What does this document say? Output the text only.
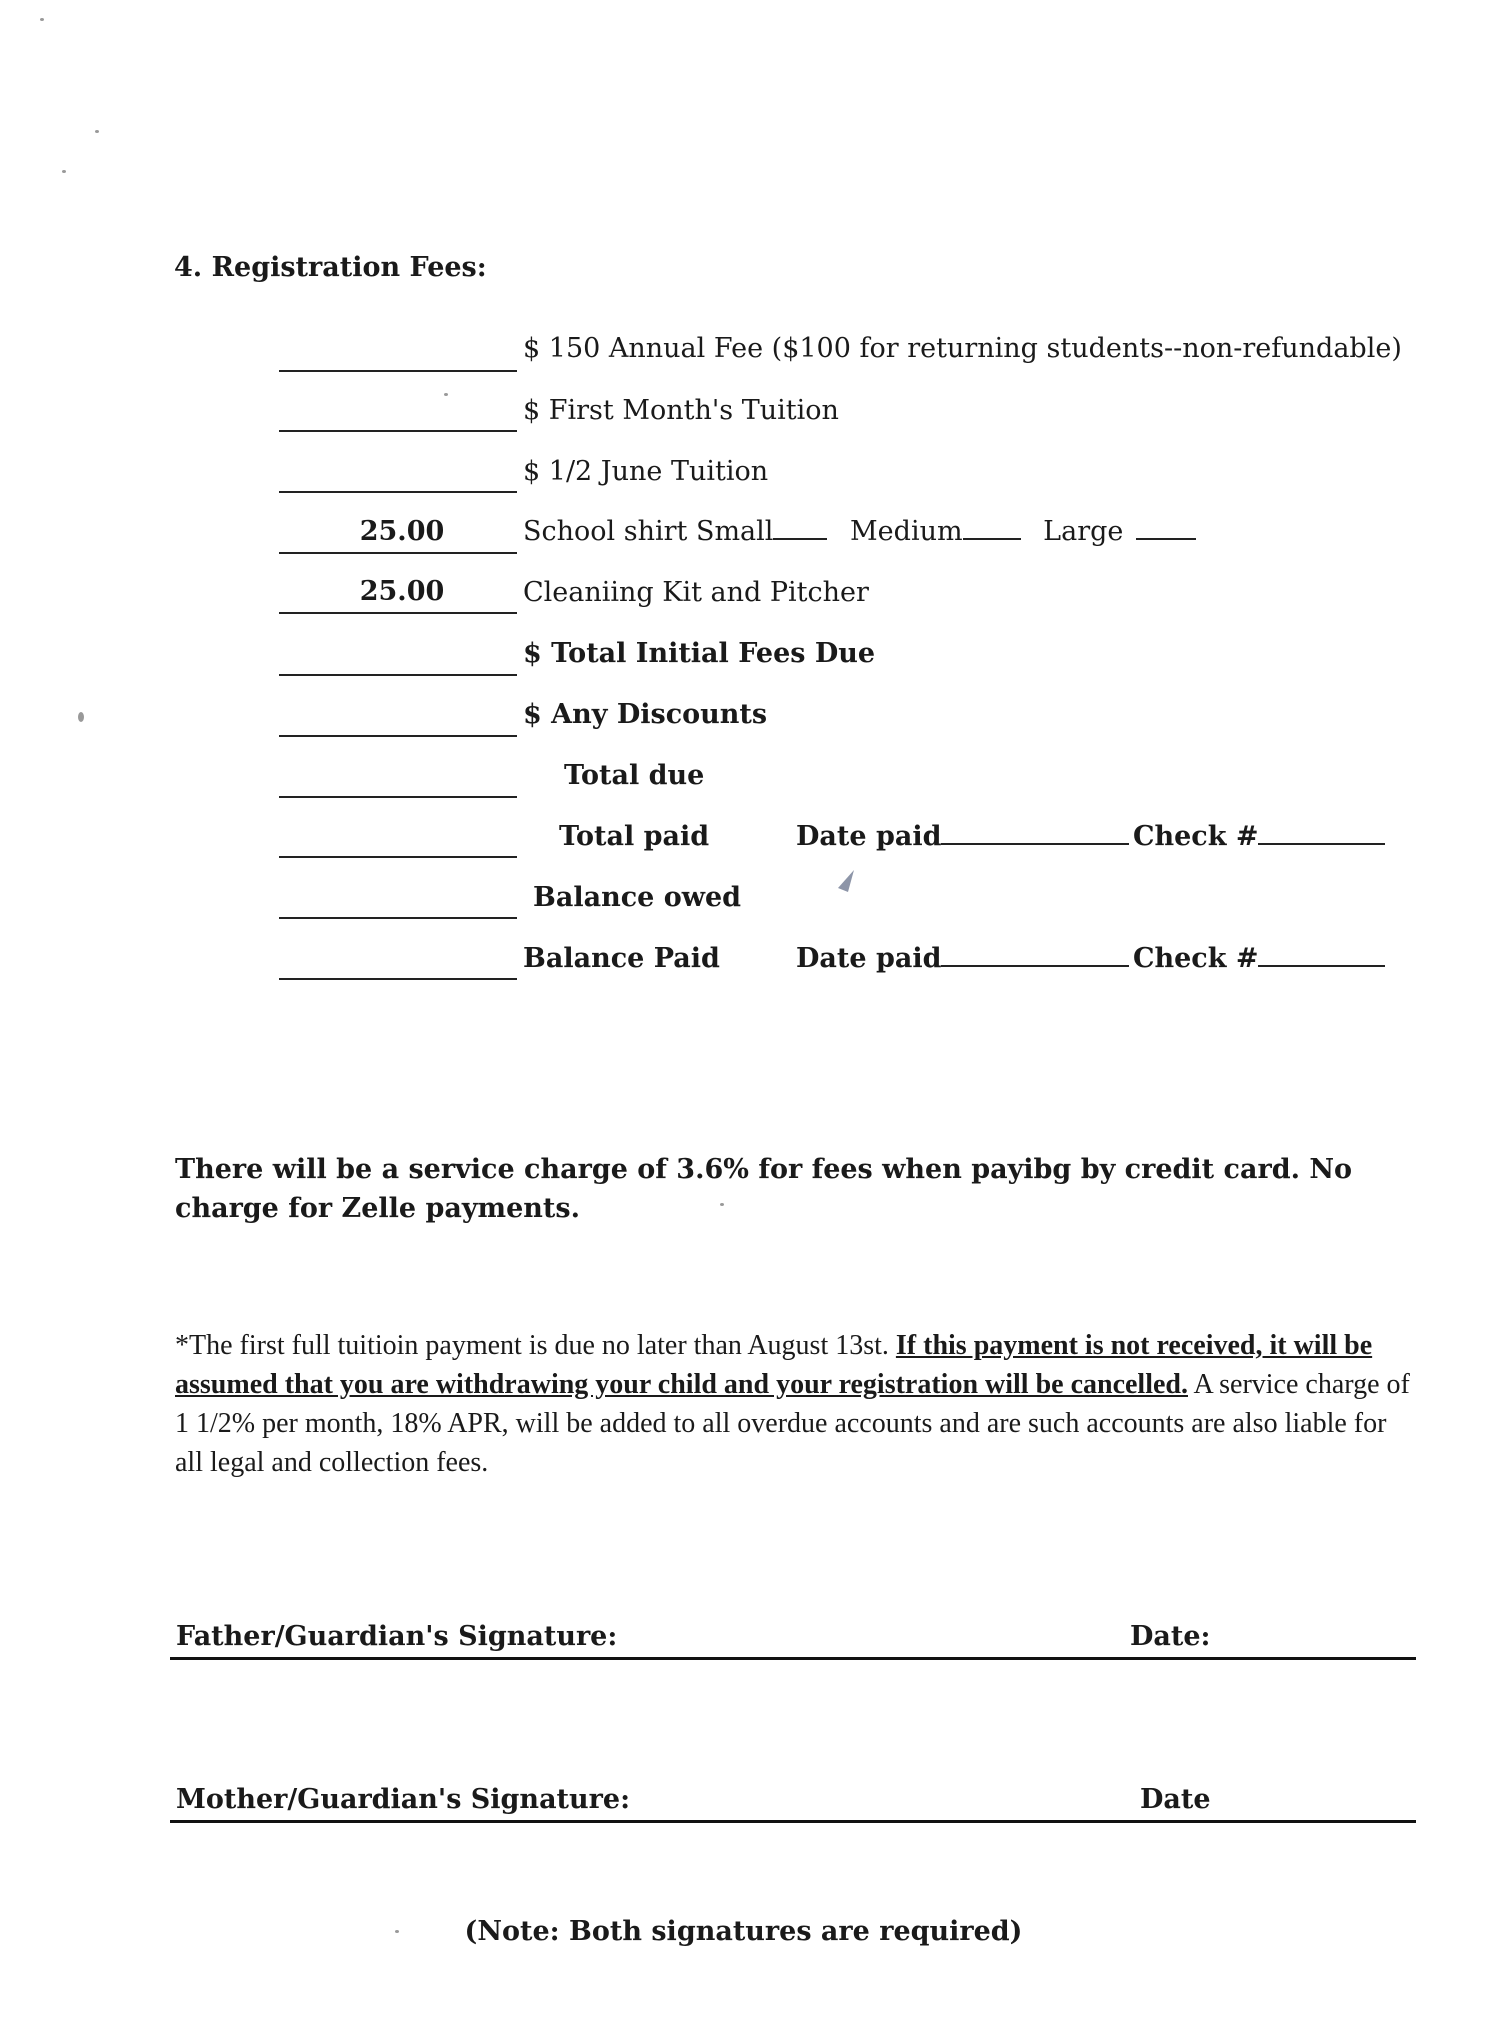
4. Registration Fees:
$ 150 Annual Fee ($100 for returning students--non-refundable)
$ First Month's Tuition
$ 1/2 June Tuition
25.00	School shirt Small	Medium	Large
25.00	Cleaniing Kit and Pitcher
$ Total Initial Fees Due
$ Any Discounts
Total due
Total paid	Date paid	Check #
Balance owed
Balance Paid	Date paid	Check #
There will be a service charge of 3.6% for fees when payibg by credit card. No charge for Zelle payments.
*The first full tuitioin payment is due no later than August 13st. If this payment is not received, it will be assumed that you are withdrawing your child and your registration will be cancelled. A service charge of 1 1/2% per month, 18% APR, will be added to all overdue accounts and are such accounts are also liable for all legal and collection fees.
Father/Guardian's Signature:	Date:
Mother/Guardian's Signature:	Date
(Note: Both signatures are required)
